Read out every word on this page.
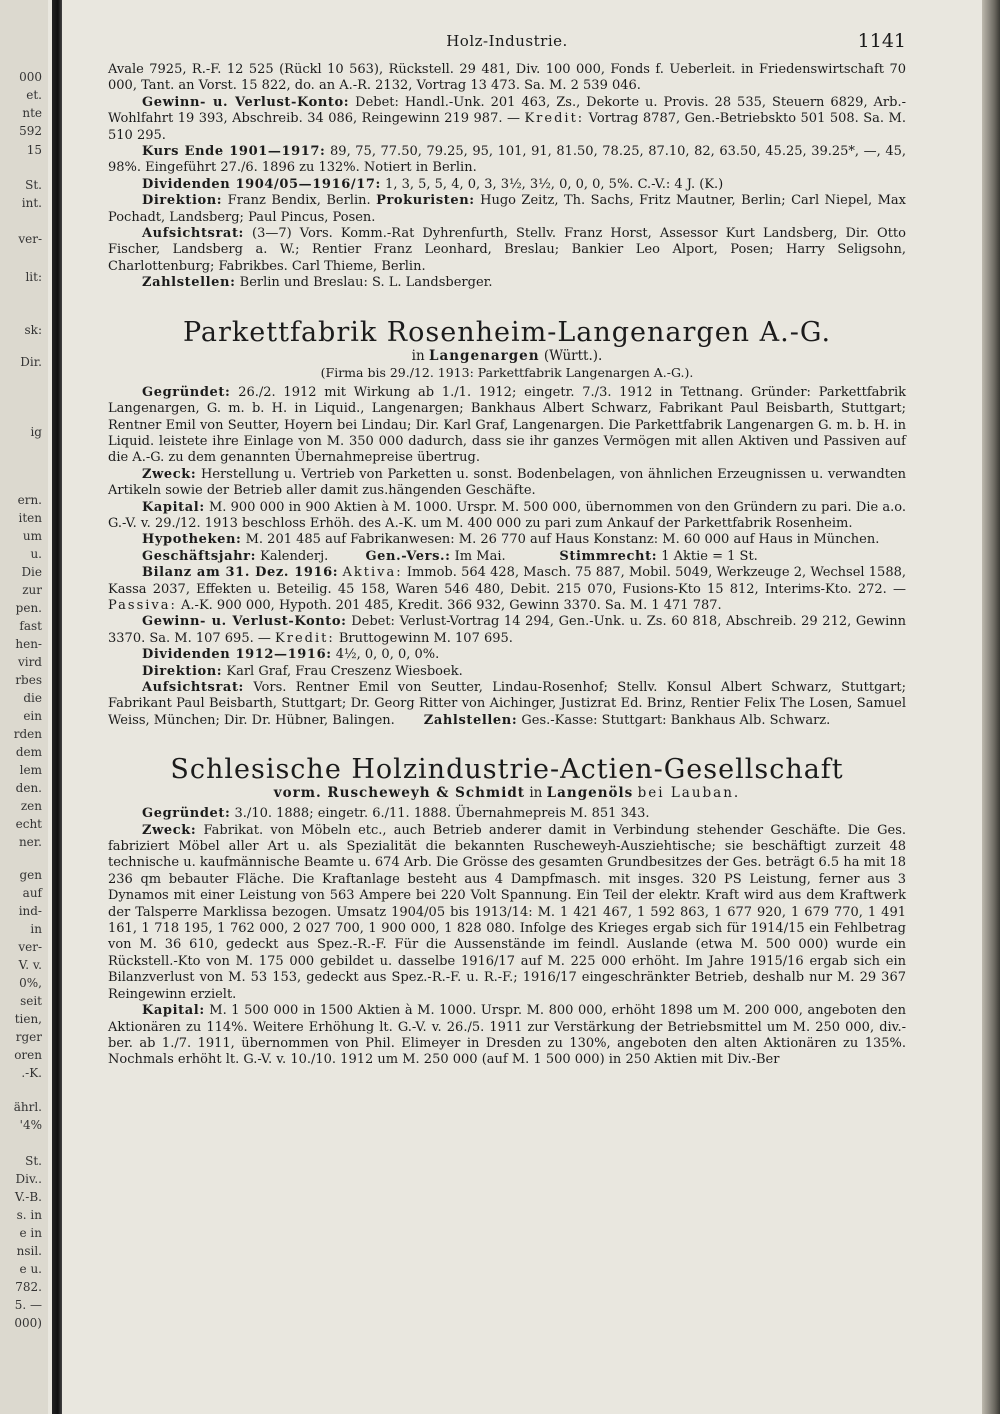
000
et.
nte
592
15
St.
int.
ver-
lit:
sk:
Dir.
ig
ern.
iten
um
u.
Die
zur
pen.
fast
hen-
vird
rbes
die
ein
rden
dem
lem
den.
zen
echt
ner.
gen
auf
ind-
in
ver-
V. v.
0%,
seit
tien,
rger
oren
.-K.
ährl.
'4%
St.
Div..
V.-B.
s. in
e in
nsil.
e u.
782.
5. —
000)
Holz-Industrie.	1141

Avale 7925, R.-F. 12 525 (Rückl 10 563), Rückstell. 29 481, Div. 100 000, Fonds f. Ueberleit. in Friedenswirtschaft 70 000, Tant. an Vorst. 15 822, do. an A.-R. 2132, Vortrag 13 473. Sa. M. 2 539 046.

Gewinn- u. Verlust-Konto: Debet: Handl.-Unk. 201 463, Zs., Dekorte u. Provis. 28 535, Steuern 6829, Arb.-Wohlfahrt 19 393, Abschreib. 34 086, Reingewinn 219 987. — Kredit: Vortrag 8787, Gen.-Betriebskto 501 508. Sa. M. 510 295.

Kurs Ende 1901—1917: 89, 75, 77.50, 79.25, 95, 101, 91, 81.50, 78.25, 87.10, 82, 63.50, 45.25, 39.25*, —, 45, 98%. Eingeführt 27./6. 1896 zu 132%. Notiert in Berlin.

Dividenden 1904/05—1916/17: 1, 3, 5, 5, 4, 0, 3, 3½, 3½, 0, 0, 0, 5%. C.-V.: 4 J. (K.)

Direktion: Franz Bendix, Berlin. Prokuristen: Hugo Zeitz, Th. Sachs, Fritz Mautner, Berlin; Carl Niepel, Max Pochadt, Landsberg; Paul Pincus, Posen.

Aufsichtsrat: (3—7) Vors. Komm.-Rat Dyhrenfurth, Stellv. Franz Horst, Assessor Kurt Landsberg, Dir. Otto Fischer, Landsberg a. W.; Rentier Franz Leonhard, Breslau; Bankier Leo Alport, Posen; Harry Seligsohn, Charlottenburg; Fabrikbes. Carl Thieme, Berlin.

Zahlstellen: Berlin und Breslau: S. L. Landsberger.

Parkettfabrik Rosenheim-Langenargen A.-G.

in Langenargen (Württ.).

(Firma bis 29./12. 1913: Parkettfabrik Langenargen A.-G.).

Gegründet: 26./2. 1912 mit Wirkung ab 1./1. 1912; eingetr. 7./3. 1912 in Tettnang. Gründer: Parkettfabrik Langenargen, G. m. b. H. in Liquid., Langenargen; Bankhaus Albert Schwarz, Fabrikant Paul Beisbarth, Stuttgart; Rentner Emil von Seutter, Hoyern bei Lindau; Dir. Karl Graf, Langenargen. Die Parkettfabrik Langenargen G. m. b. H. in Liquid. leistete ihre Einlage von M. 350 000 dadurch, dass sie ihr ganzes Vermögen mit allen Aktiven und Passiven auf die A.-G. zu dem genannten Übernahmepreise übertrug.

Zweck: Herstellung u. Vertrieb von Parketten u. sonst. Bodenbelagen, von ähnlichen Erzeugnissen u. verwandten Artikeln sowie der Betrieb aller damit zus.hängenden Geschäfte.

Kapital: M. 900 000 in 900 Aktien à M. 1000. Urspr. M. 500 000, übernommen von den Gründern zu pari. Die a.o. G.-V. v. 29./12. 1913 beschloss Erhöh. des A.-K. um M. 400 000 zu pari zum Ankauf der Parkettfabrik Rosenheim.

Hypotheken: M. 201 485 auf Fabrikanwesen: M. 26 770 auf Haus Konstanz: M. 60 000 auf Haus in München.

Geschäftsjahr: Kalenderj.	Gen.-Vers.: Im Mai.	Stimmrecht: 1 Aktie = 1 St.

Bilanz am 31. Dez. 1916: Aktiva: Immob. 564 428, Masch. 75 887, Mobil. 5049, Werkzeuge 2, Wechsel 1588, Kassa 2037, Effekten u. Beteilig. 45 158, Waren 546 480, Debit. 215 070, Fusions-Kto 15 812, Interims-Kto. 272. — Passiva: A.-K. 900 000, Hypoth. 201 485, Kredit. 366 932, Gewinn 3370. Sa. M. 1 471 787.

Gewinn- u. Verlust-Konto: Debet: Verlust-Vortrag 14 294, Gen.-Unk. u. Zs. 60 818, Abschreib. 29 212, Gewinn 3370. Sa. M. 107 695. — Kredit: Bruttogewinn M. 107 695.

Dividenden 1912—1916: 4½, 0, 0, 0, 0%.

Direktion: Karl Graf, Frau Creszenz Wiesboek.

Aufsichtsrat: Vors. Rentner Emil von Seutter, Lindau-Rosenhof; Stellv. Konsul Albert Schwarz, Stuttgart; Fabrikant Paul Beisbarth, Stuttgart; Dr. Georg Ritter von Aichinger, Justizrat Ed. Brinz, Rentier Felix The Losen, Samuel Weiss, München; Dir. Dr. Hübner, Balingen. Zahlstellen: Ges.-Kasse: Stuttgart: Bankhaus Alb. Schwarz.

Schlesische Holzindustrie-Actien-Gesellschaft

vorm. Ruscheweyh & Schmidt in Langenöls bei Lauban.

Gegründet: 3./10. 1888; eingetr. 6./11. 1888. Übernahmepreis M. 851 343.

Zweck: Fabrikat. von Möbeln etc., auch Betrieb anderer damit in Verbindung stehender Geschäfte. Die Ges. fabriziert Möbel aller Art u. als Spezialität die bekannten Ruscheweyh-Ausziehtische; sie beschäftigt zurzeit 48 technische u. kaufmännische Beamte u. 674 Arb. Die Grösse des gesamten Grundbesitzes der Ges. beträgt 6.5 ha mit 18 236 qm bebauter Fläche. Die Kraftanlage besteht aus 4 Dampfmasch. mit insges. 320 PS Leistung, ferner aus 3 Dynamos mit einer Leistung von 563 Ampere bei 220 Volt Spannung. Ein Teil der elektr. Kraft wird aus dem Kraftwerk der Talsperre Marklissa bezogen. Umsatz 1904/05 bis 1913/14: M. 1 421 467, 1 592 863, 1 677 920, 1 679 770, 1 491 161, 1 718 195, 1 762 000, 2 027 700, 1 900 000, 1 828 080. Infolge des Krieges ergab sich für 1914/15 ein Fehlbetrag von M. 36 610, gedeckt aus Spez.-R.-F. Für die Aussenstände im feindl. Auslande (etwa M. 500 000) wurde ein Rückstell.-Kto von M. 175 000 gebildet u. dasselbe 1916/17 auf M. 225 000 erhöht. Im Jahre 1915/16 ergab sich ein Bilanzverlust von M. 53 153, gedeckt aus Spez.-R.-F. u. R.-F.; 1916/17 eingeschränkter Betrieb, deshalb nur M. 29 367 Reingewinn erzielt.

Kapital: M. 1 500 000 in 1500 Aktien à M. 1000. Urspr. M. 800 000, erhöht 1898 um M. 200 000, angeboten den Aktionären zu 114%. Weitere Erhöhung lt. G.-V. v. 26./5. 1911 zur Verstärkung der Betriebsmittel um M. 250 000, div.-ber. ab 1./7. 1911, übernommen von Phil. Elimeyer in Dresden zu 130%, angeboten den alten Aktionären zu 135%. Nochmals erhöht lt. G.-V. v. 10./10. 1912 um M. 250 000 (auf M. 1 500 000) in 250 Aktien mit Div.-Ber
